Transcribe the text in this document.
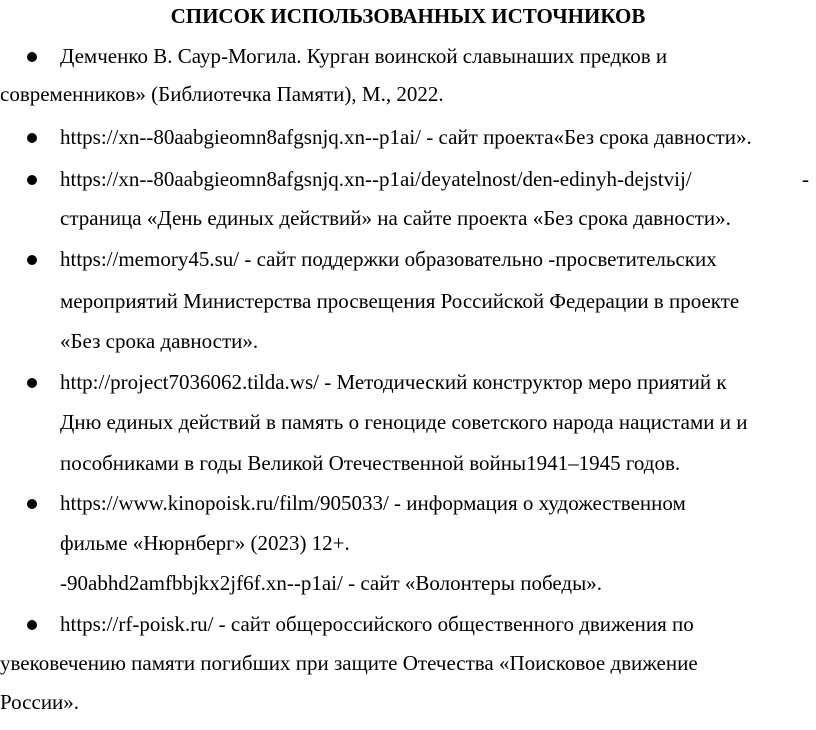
СПИСОК ИСПОЛЬЗОВАННЫХ ИСТОЧНИКОВ
Демченко В. Саур-Могила. Курган воинской славынаших предков и
современников» (Библиотечка Памяти), М., 2022.
https://xn--80aabgieomn8afgsnjq.xn--p1ai/ - сайт проекта«Без срока давности».
https://xn--80aabgieomn8afgsnjq.xn--p1ai/deyatelnost/den-edinyh-dejstvij/	-
страница «День единых действий» на сайте проекта «Без срока давности».
https://memory45.su/ - сайт поддержки образовательно -просветительских
мероприятий Министерства просвещения Российской Федерации в проекте
«Без срока давности».
http://project7036062.tilda.ws/ - Методический конструктор меро приятий к
Дню единых действий в память о геноциде советского народа нацистами и и
пособниками в годы Великой Отечественной войны1941–1945 годов.
https://www.kinopoisk.ru/film/905033/ - информация о художественном
фильме «Нюрнберг» (2023) 12+.
-90abhd2amfbbjkx2jf6f.xn--p1ai/ - сайт «Волонтеры победы».
https://rf-poisk.ru/ - сайт общероссийского общественного движения по
увековечению памяти погибших при защите Отечества «Поисковое движение
России».
